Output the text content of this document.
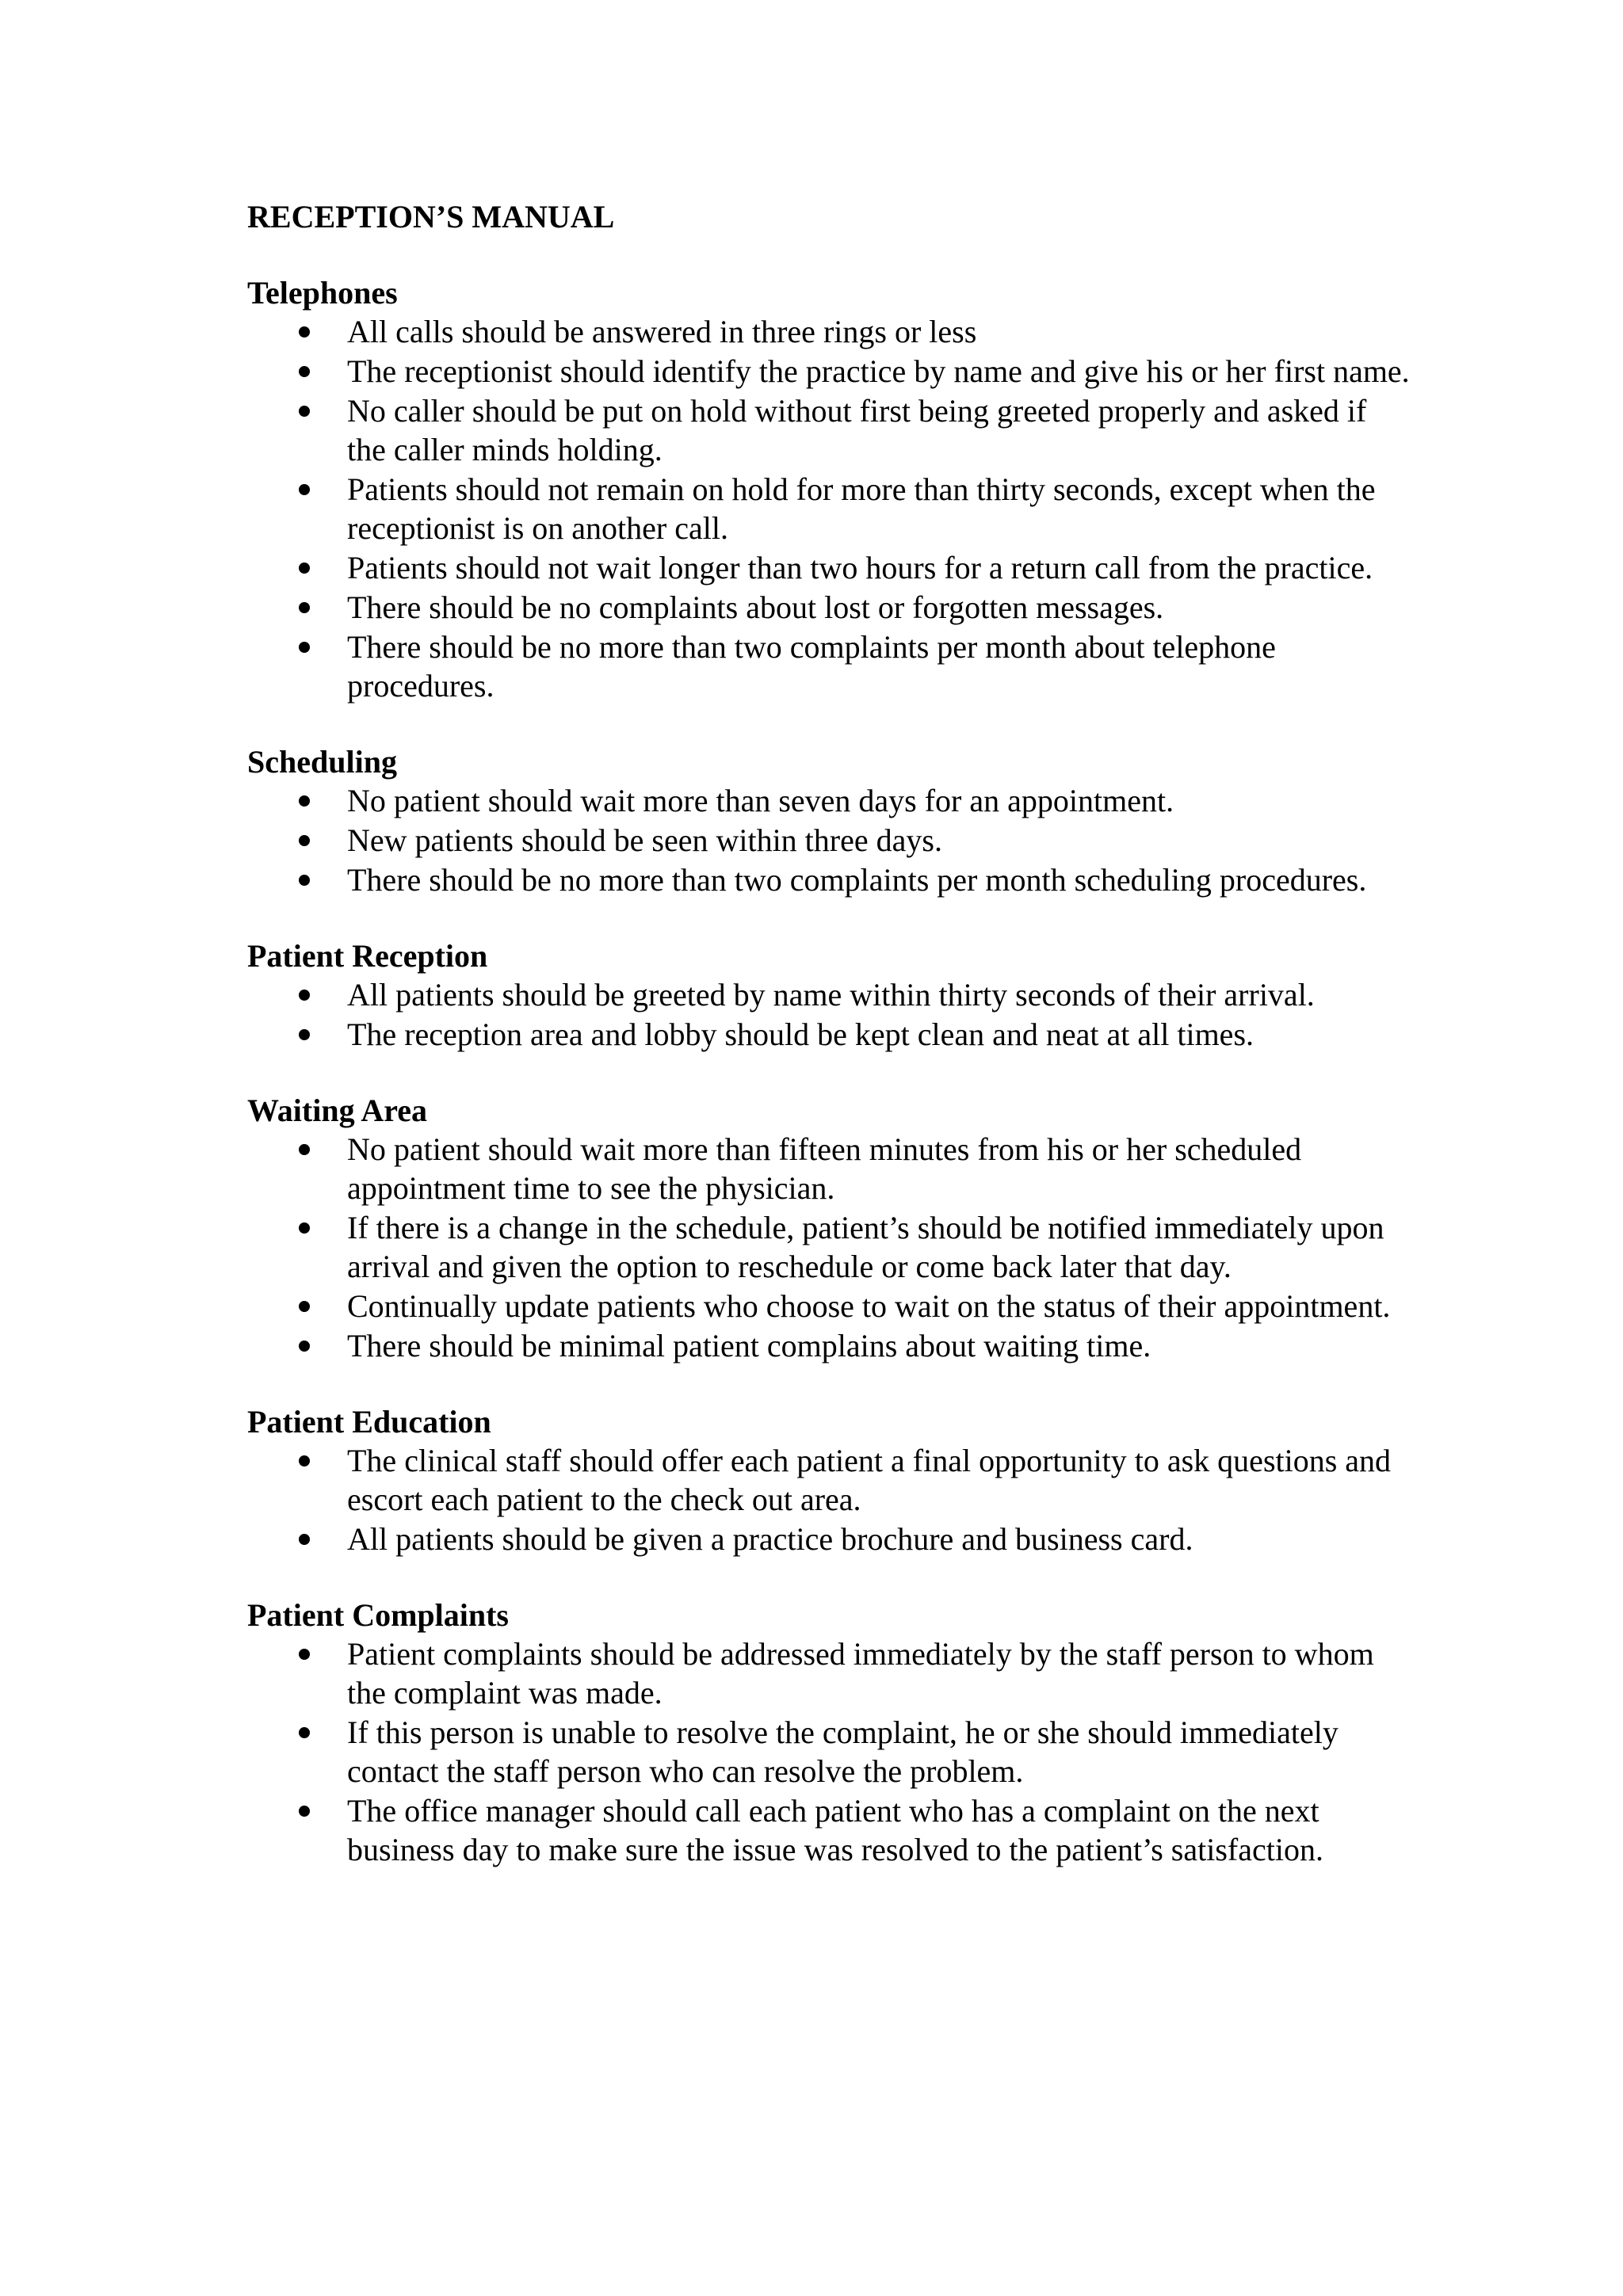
RECEPTION’S MANUAL
Telephones
All calls should be answered in three rings or less
The receptionist should identify the practice by name and give his or her first name.
No caller should be put on hold without first being greeted properly and asked if the caller minds holding.
Patients should not remain on hold for more than thirty seconds, except when the receptionist is on another call.
Patients should not wait longer than two hours for a return call from the practice.
There should be no complaints about lost or forgotten messages.
There should be no more than two complaints per month about telephone procedures.
Scheduling
No patient should wait more than seven days for an appointment.
New patients should be seen within three days.
There should be no more than two complaints per month scheduling procedures.
Patient Reception
All patients should be greeted by name within thirty seconds of their arrival.
The reception area and lobby should be kept clean and neat at all times.
Waiting Area
No patient should wait more than fifteen minutes from his or her scheduled appointment time to see the physician.
If there is a change in the schedule, patient’s should be notified immediately upon arrival and given the option to reschedule or come back later that day.
Continually update patients who choose to wait on the status of their appointment.
There should be minimal patient complains about waiting time.
Patient Education
The clinical staff should offer each patient a final opportunity to ask questions and escort each patient to the check out area.
All patients should be given a practice brochure and business card.
Patient Complaints
Patient complaints should be addressed immediately by the staff person to whom the complaint was made.
If this person is unable to resolve the complaint, he or she should immediately contact the staff person who can resolve the problem.
The office manager should call each patient who has a complaint on the next business day to make sure the issue was resolved to the patient’s satisfaction.
